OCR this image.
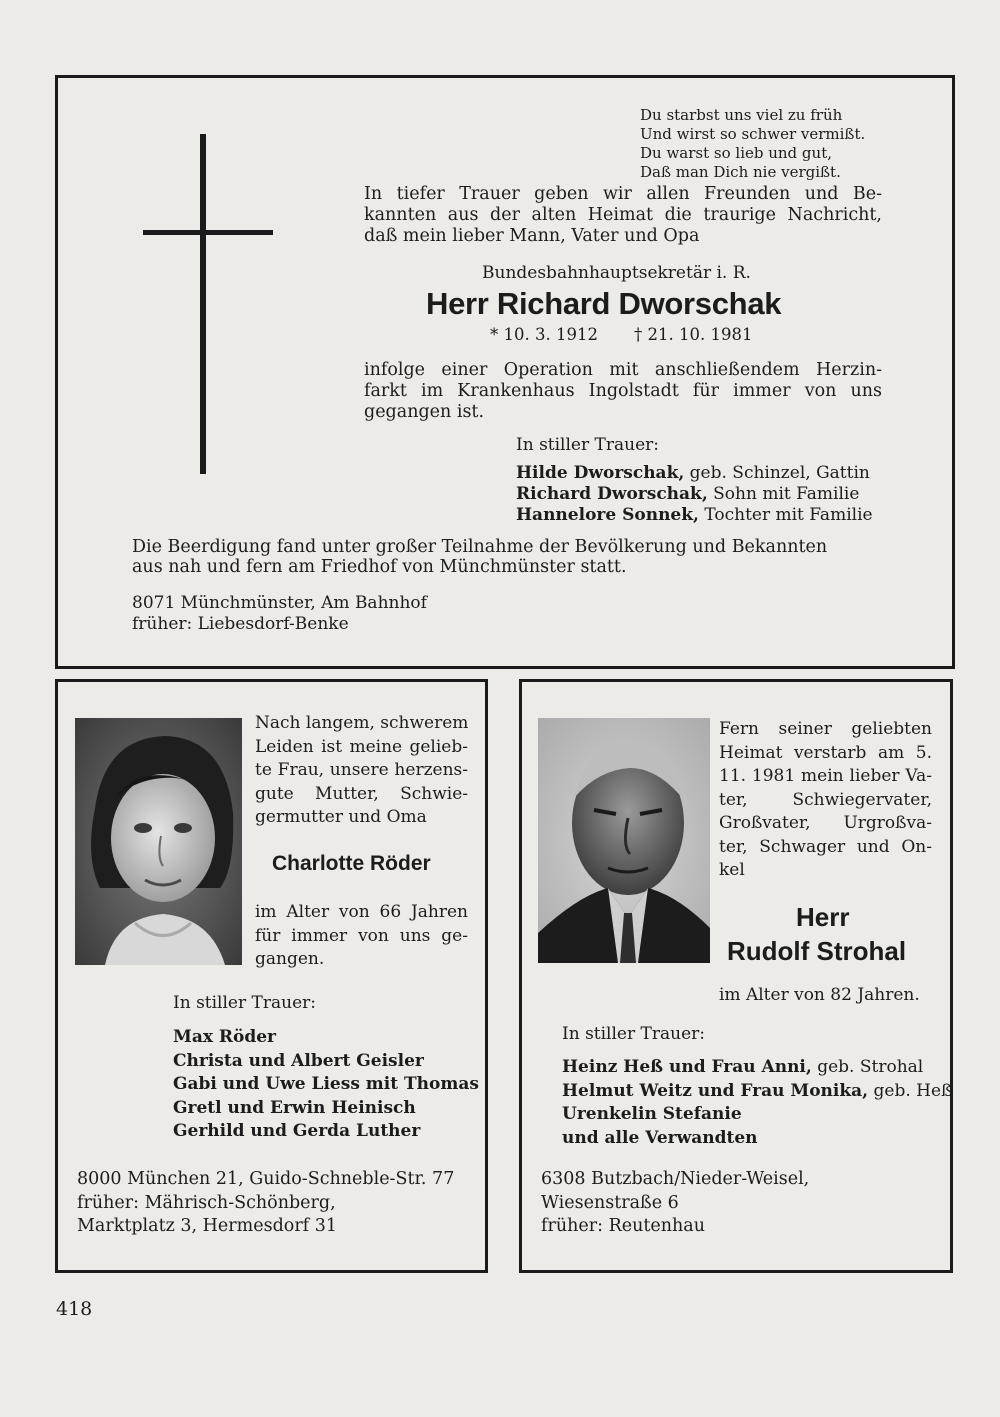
Du starbst uns viel zu früh
Und wirst so schwer vermißt.
Du warst so lieb und gut,
Daß man Dich nie vergißt.
In tiefer Trauer geben wir allen Freunden und Be-
kannten aus der alten Heimat die traurige Nachricht,
daß mein lieber Mann, Vater und Opa
Bundesbahnhauptsekretär i. R.
Herr Richard Dworschak
* 10. 3. 1912 † 21. 10. 1981
infolge einer Operation mit anschließendem Herzin-
farkt im Krankenhaus Ingolstadt für immer von uns
gegangen ist.
In stiller Trauer:
Hilde Dworschak, geb. Schinzel, Gattin
Richard Dworschak, Sohn mit Familie
Hannelore Sonnek, Tochter mit Familie
Die Beerdigung fand unter großer Teilnahme der Bevölkerung und Bekannten
aus nah und fern am Friedhof von Münchmünster statt.
8071 Münchmünster, Am Bahnhof
früher: Liebesdorf-Benke
Nach langem, schwerem
Leiden ist meine gelieb-
te Frau, unsere herzens-
gute Mutter, Schwie-
germutter und Oma
Charlotte Röder
im Alter von 66 Jahren
für immer von uns ge-
gangen.
In stiller Trauer:
Max Röder
Christa und Albert Geisler
Gabi und Uwe Liess mit Thomas
Gretl und Erwin Heinisch
Gerhild und Gerda Luther
8000 München 21, Guido-Schneble-Str. 77
früher: Mährisch-Schönberg,
Marktplatz 3, Hermesdorf 31
Fern seiner geliebten
Heimat verstarb am 5.
11. 1981 mein lieber Va-
ter, Schwiegervater,
Großvater, Urgroßva-
ter, Schwager und On-
kel
Herr
Rudolf Strohal
im Alter von 82 Jahren.
In stiller Trauer:
Heinz Heß und Frau Anni, geb. Strohal
Helmut Weitz und Frau Monika, geb. Heß
Urenkelin Stefanie
und alle Verwandten
6308 Butzbach/Nieder-Weisel,
Wiesenstraße 6
früher: Reutenhau
418
